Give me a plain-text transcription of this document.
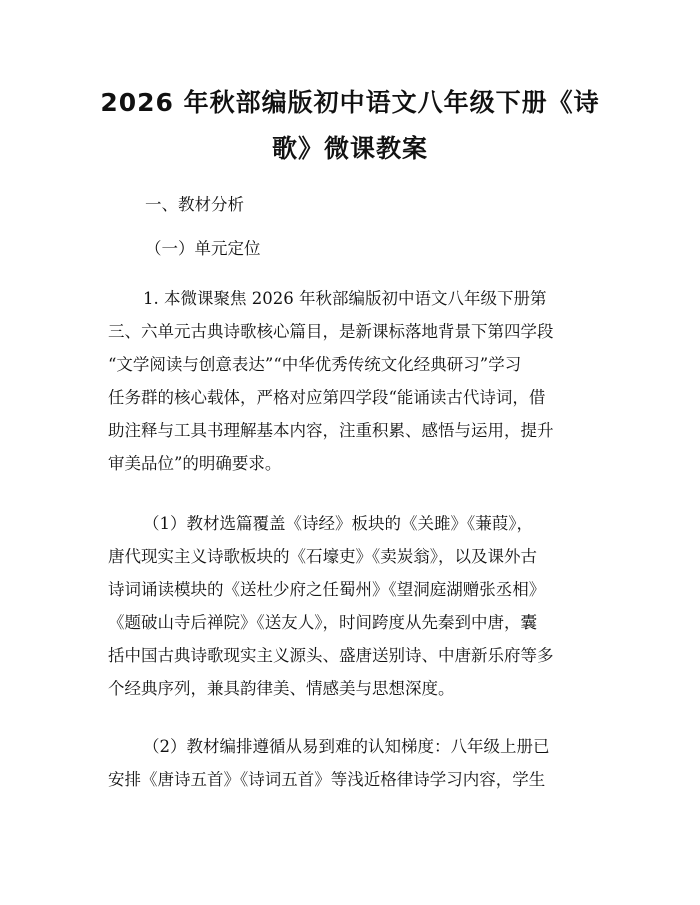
2026 年秋部编版初中语文八年级下册《诗
歌》微课教案
一、教材分析
（一）单元定位
1. 本微课聚焦 2026 年秋部编版初中语文八年级下册第
三、六单元古典诗歌核心篇目，是新课标落地背景下第四学段
“文学阅读与创意表达”“中华优秀传统文化经典研习”学习
任务群的核心载体，严格对应第四学段“能诵读古代诗词，借
助注释与工具书理解基本内容，注重积累、感悟与运用，提升
审美品位”的明确要求。
（1）教材选篇覆盖《诗经》板块的《关雎》《蒹葭》，
唐代现实主义诗歌板块的《石壕吏》《卖炭翁》，以及课外古
诗词诵读模块的《送杜少府之任蜀州》《望洞庭湖赠张丞相》
《题破山寺后禅院》《送友人》，时间跨度从先秦到中唐，囊
括中国古典诗歌现实主义源头、盛唐送别诗、中唐新乐府等多
个经典序列，兼具韵律美、情感美与思想深度。
（2）教材编排遵循从易到难的认知梯度：八年级上册已
安排《唐诗五首》《诗词五首》等浅近格律诗学习内容，学生
